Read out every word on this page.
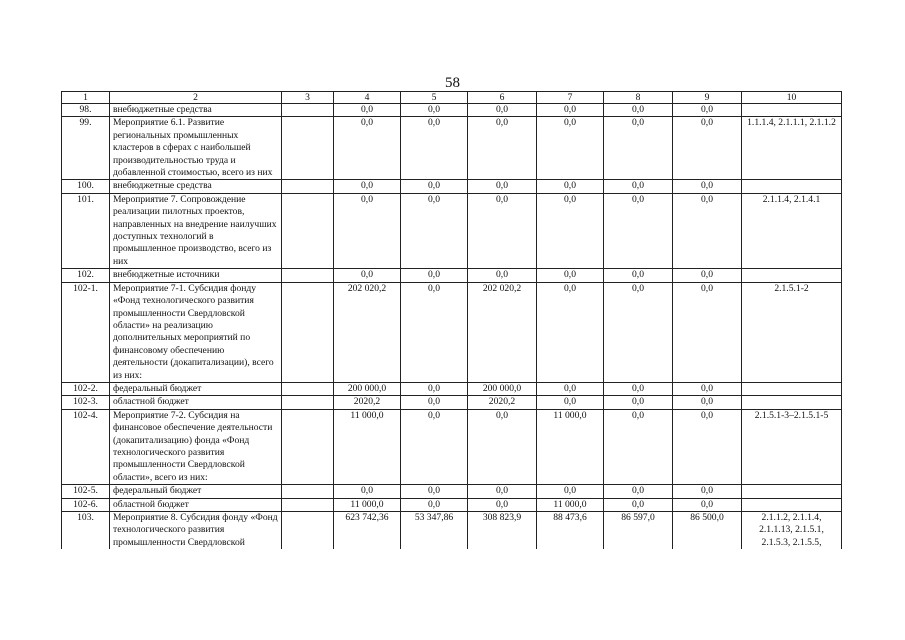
58
1	2	3	4	5	6	7	8	9	10
98.	внебюджетные средства		0,0	0,0	0,0	0,0	0,0	0,0	
99.	Мероприятие 6.1. Развитие региональных промышленных кластеров в сферах с наибольшей производительностью труда и добавленной стоимостью, всего из них		0,0	0,0	0,0	0,0	0,0	0,0	1.1.1.4, 2.1.1.1, 2.1.1.2
100.	внебюджетные средства		0,0	0,0	0,0	0,0	0,0	0,0	
101.	Мероприятие 7. Сопровождение реализации пилотных проектов, направленных на внедрение наилучших доступных технологий в промышленное производство, всего из них		0,0	0,0	0,0	0,0	0,0	0,0	2.1.1.4, 2.1.4.1
102.	внебюджетные источники		0,0	0,0	0,0	0,0	0,0	0,0	
102-1.	Мероприятие 7-1. Субсидия фонду «Фонд технологического развития промышленности Свердловской области» на реализацию дополнительных мероприятий по финансовому обеспечению деятельности (докапитализации), всего из них:		202 020,2	0,0	202 020,2	0,0	0,0	0,0	2.1.5.1-2
102-2.	федеральный бюджет		200 000,0	0,0	200 000,0	0,0	0,0	0,0	
102-3.	областной бюджет		2020,2	0,0	2020,2	0,0	0,0	0,0	
102-4.	Мероприятие 7-2. Субсидия на финансовое обеспечение деятельности (докапитализацию) фонда «Фонд технологического развития промышленности Свердловской области», всего из них:		11 000,0	0,0	0,0	11 000,0	0,0	0,0	2.1.5.1-3–2.1.5.1-5
102-5.	федеральный бюджет		0,0	0,0	0,0	0,0	0,0	0,0	
102-6.	областной бюджет		11 000,0	0,0	0,0	11 000,0	0,0	0,0	
103.	Мероприятие 8. Субсидия фонду «Фонд технологического развития промышленности Свердловской		623 742,36	53 347,86	308 823,9	88 473,6	86 597,0	86 500,0	2.1.1.2, 2.1.1.4, 2.1.1.13, 2.1.5.1, 2.1.5.3, 2.1.5.5,
